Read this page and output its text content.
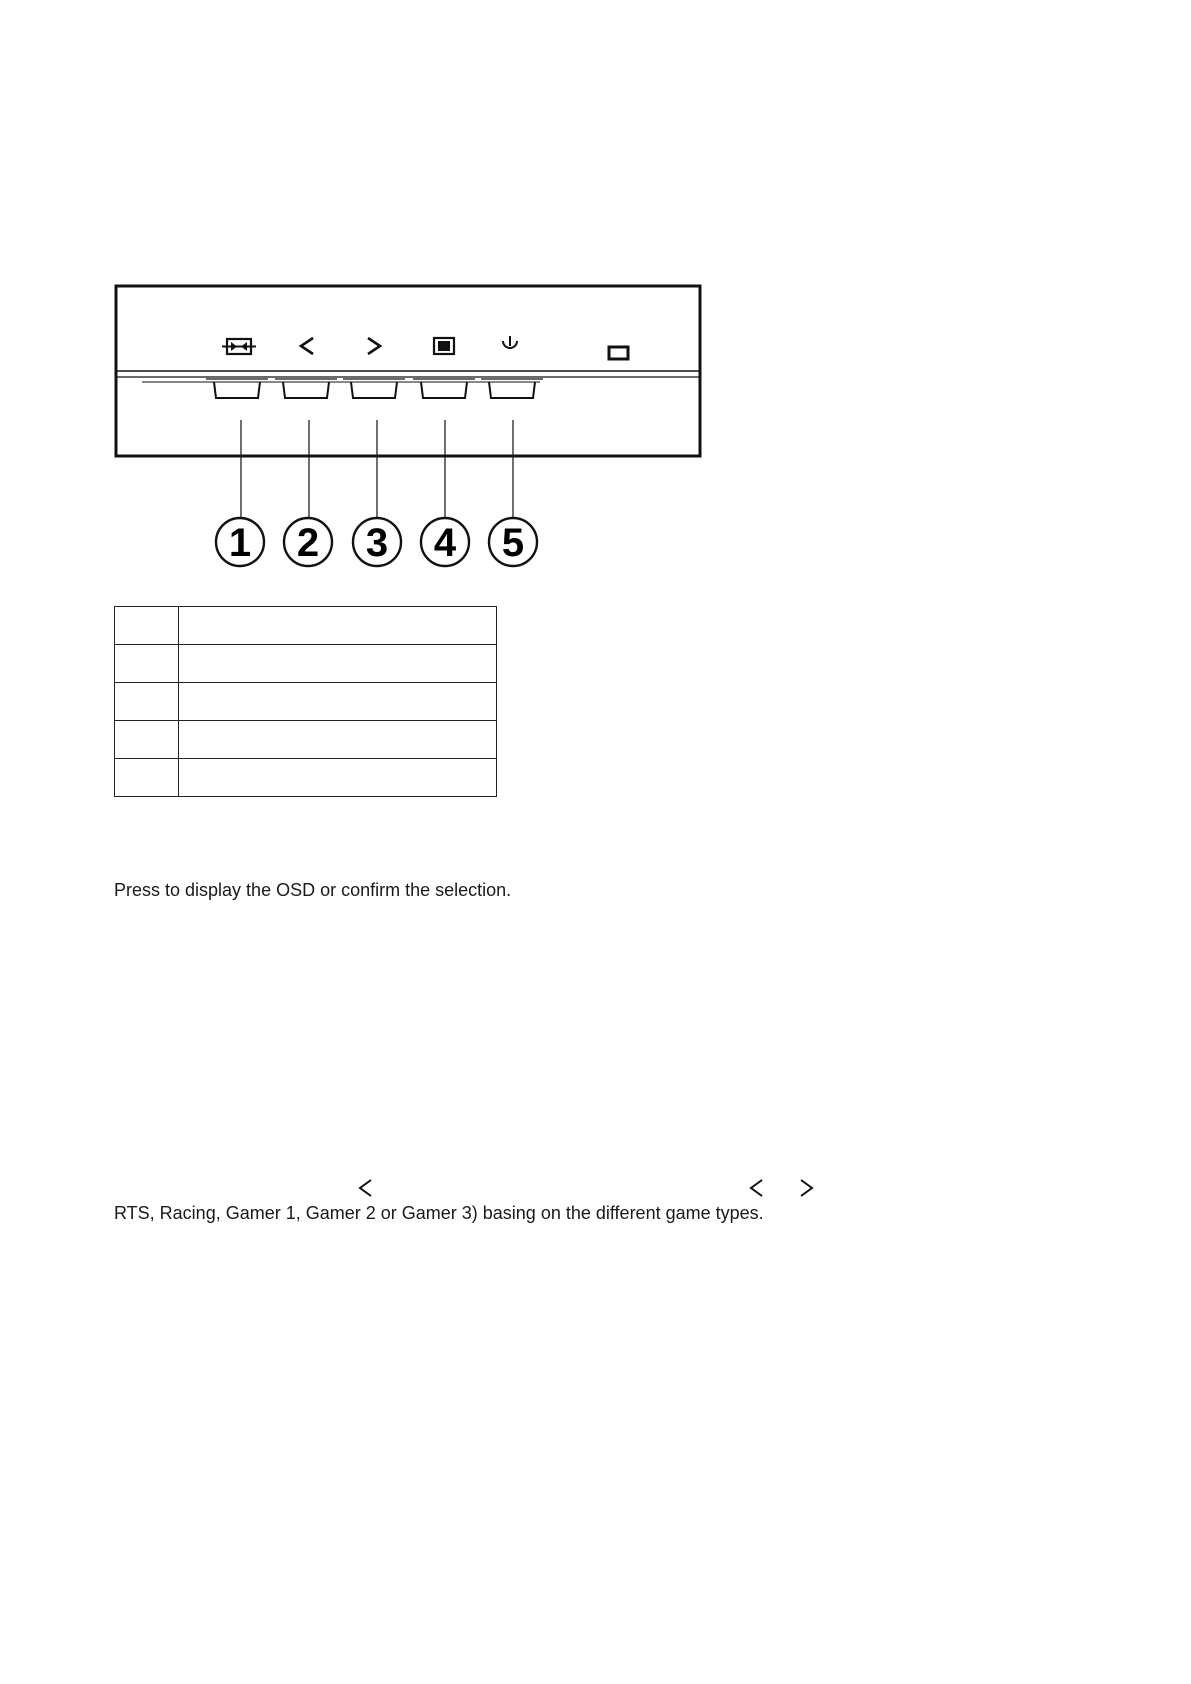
1 2 3 4 5

Press to display the OSD or confirm the selection.
RTS, Racing, Gamer 1, Gamer 2 or Gamer 3) basing on the different game types.
